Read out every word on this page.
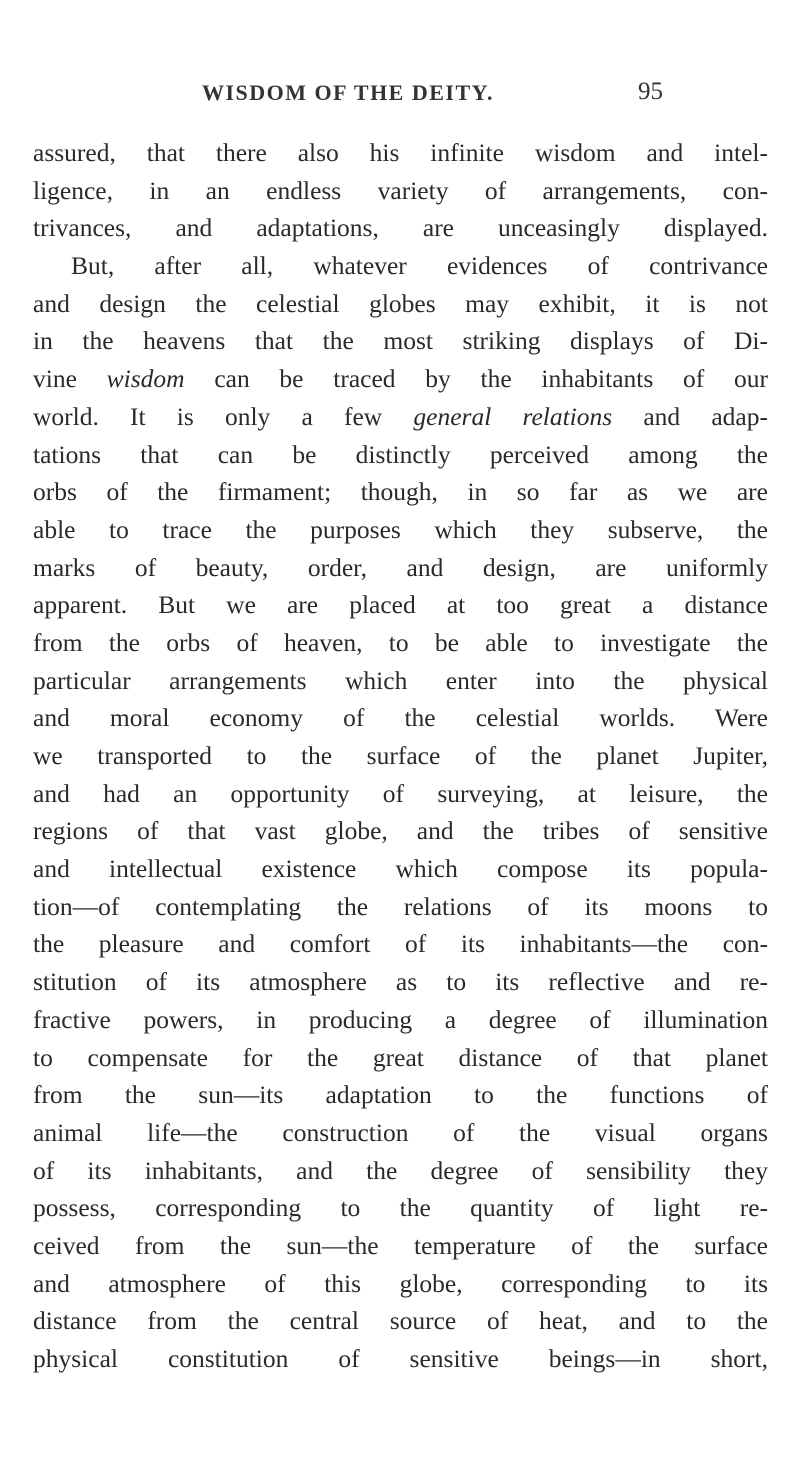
WISDOM OF THE DEITY.	95
assured, that there also his infinite wisdom and intel-
ligence, in an endless variety of arrangements, con-
trivances, and adaptations, are unceasingly displayed.
But, after all, whatever evidences of contrivance
and design the celestial globes may exhibit, it is not
in the heavens that the most striking displays of Di-
vine wisdom can be traced by the inhabitants of our
world. It is only a few general relations and adap-
tations that can be distinctly perceived among the
orbs of the firmament; though, in so far as we are
able to trace the purposes which they subserve, the
marks of beauty, order, and design, are uniformly
apparent. But we are placed at too great a distance
from the orbs of heaven, to be able to investigate the
particular arrangements which enter into the physical
and moral economy of the celestial worlds. Were
we transported to the surface of the planet Jupiter,
and had an opportunity of surveying, at leisure, the
regions of that vast globe, and the tribes of sensitive
and intellectual existence which compose its popula-
tion—of contemplating the relations of its moons to
the pleasure and comfort of its inhabitants—the con-
stitution of its atmosphere as to its reflective and re-
fractive powers, in producing a degree of illumination
to compensate for the great distance of that planet
from the sun—its adaptation to the functions of
animal life—the construction of the visual organs
of its inhabitants, and the degree of sensibility they
possess, corresponding to the quantity of light re-
ceived from the sun—the temperature of the surface
and atmosphere of this globe, corresponding to its
distance from the central source of heat, and to the
physical constitution of sensitive beings—in short,
